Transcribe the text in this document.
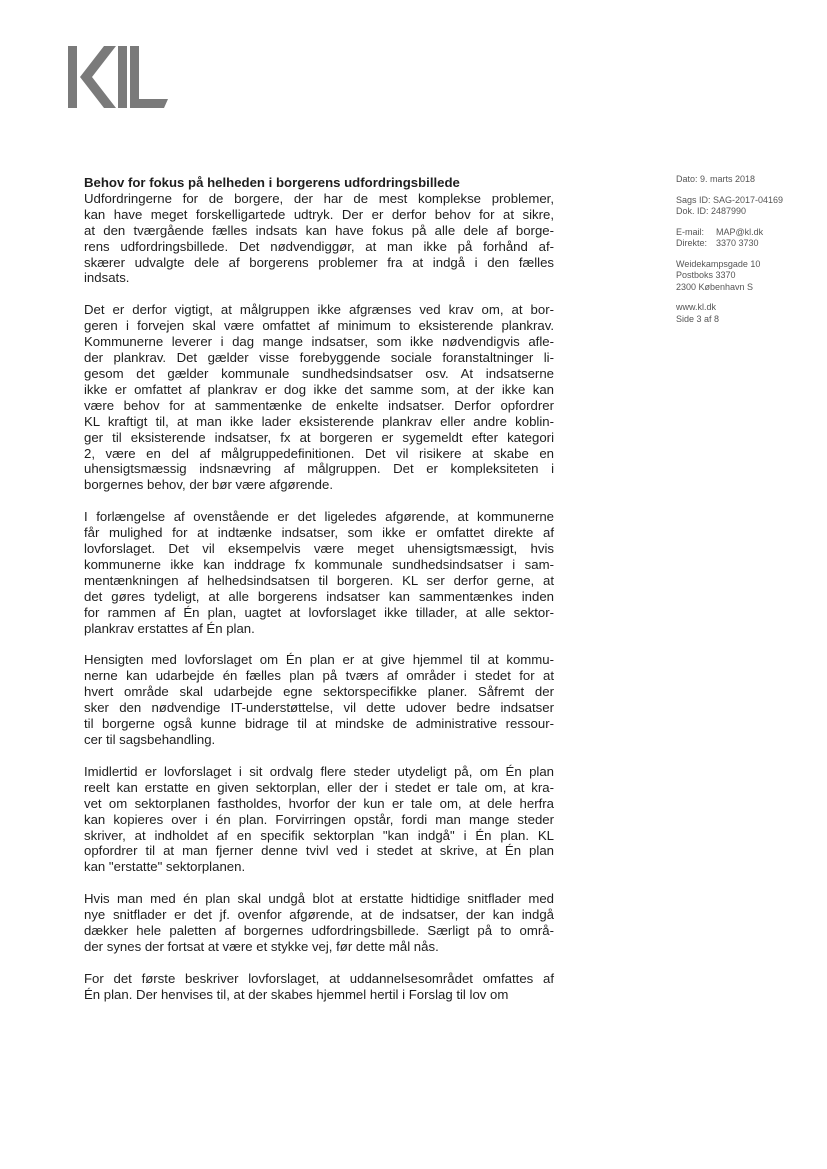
Dato: 9. marts 2018
Sags ID: SAG-2017-04169
Dok. ID: 2487990
E-mail: MAP@kl.dk
Direkte: 3370 3730
Weidekampsgade 10
Postboks 3370
2300 København S
www.kl.dk
Side 3 af 8
Behov for fokus på helheden i borgerens udfordringsbillede

Udfordringerne for de borgere, der har de mest komplekse problemer,
kan have meget forskelligartede udtryk. Der er derfor behov for at sikre,
at den tværgående fælles indsats kan have fokus på alle dele af borge-
rens udfordringsbillede. Det nødvendiggør, at man ikke på forhånd af-
skærer udvalgte dele af borgerens problemer fra at indgå i den fælles
indsats.

Det er derfor vigtigt, at målgruppen ikke afgrænses ved krav om, at bor-
geren i forvejen skal være omfattet af minimum to eksisterende plankrav.
Kommunerne leverer i dag mange indsatser, som ikke nødvendigvis afle-
der plankrav. Det gælder visse forebyggende sociale foranstaltninger li-
gesom det gælder kommunale sundhedsindsatser osv. At indsatserne
ikke er omfattet af plankrav er dog ikke det samme som, at der ikke kan
være behov for at sammentænke de enkelte indsatser. Derfor opfordrer
KL kraftigt til, at man ikke lader eksisterende plankrav eller andre koblin-
ger til eksisterende indsatser, fx at borgeren er sygemeldt efter kategori
2, være en del af målgruppedefinitionen. Det vil risikere at skabe en
uhensigtsmæssig indsnævring af målgruppen. Det er kompleksiteten i
borgernes behov, der bør være afgørende.

I forlængelse af ovenstående er det ligeledes afgørende, at kommunerne
får mulighed for at indtænke indsatser, som ikke er omfattet direkte af
lovforslaget. Det vil eksempelvis være meget uhensigtsmæssigt, hvis
kommunerne ikke kan inddrage fx kommunale sundhedsindsatser i sam-
mentænkningen af helhedsindsatsen til borgeren. KL ser derfor gerne, at
det gøres tydeligt, at alle borgerens indsatser kan sammentænkes inden
for rammen af Én plan, uagtet at lovforslaget ikke tillader, at alle sektor-
plankrav erstattes af Én plan.

Hensigten med lovforslaget om Én plan er at give hjemmel til at kommu-
nerne kan udarbejde én fælles plan på tværs af områder i stedet for at
hvert område skal udarbejde egne sektorspecifikke planer. Såfremt der
sker den nødvendige IT-understøttelse, vil dette udover bedre indsatser
til borgerne også kunne bidrage til at mindske de administrative ressour-
cer til sagsbehandling.

Imidlertid er lovforslaget i sit ordvalg flere steder utydeligt på, om Én plan
reelt kan erstatte en given sektorplan, eller der i stedet er tale om, at kra-
vet om sektorplanen fastholdes, hvorfor der kun er tale om, at dele herfra
kan kopieres over i én plan. Forvirringen opstår, fordi man mange steder
skriver, at indholdet af en specifik sektorplan "kan indgå" i Én plan. KL
opfordrer til at man fjerner denne tvivl ved i stedet at skrive, at Én plan
kan "erstatte" sektorplanen.

Hvis man med én plan skal undgå blot at erstatte hidtidige snitflader med
nye snitflader er det jf. ovenfor afgørende, at de indsatser, der kan indgå
dækker hele paletten af borgernes udfordringsbillede. Særligt på to områ-
der synes der fortsat at være et stykke vej, før dette mål nås.

For det første beskriver lovforslaget, at uddannelsesområdet omfattes af
Én plan. Der henvises til, at der skabes hjemmel hertil i Forslag til lov om
